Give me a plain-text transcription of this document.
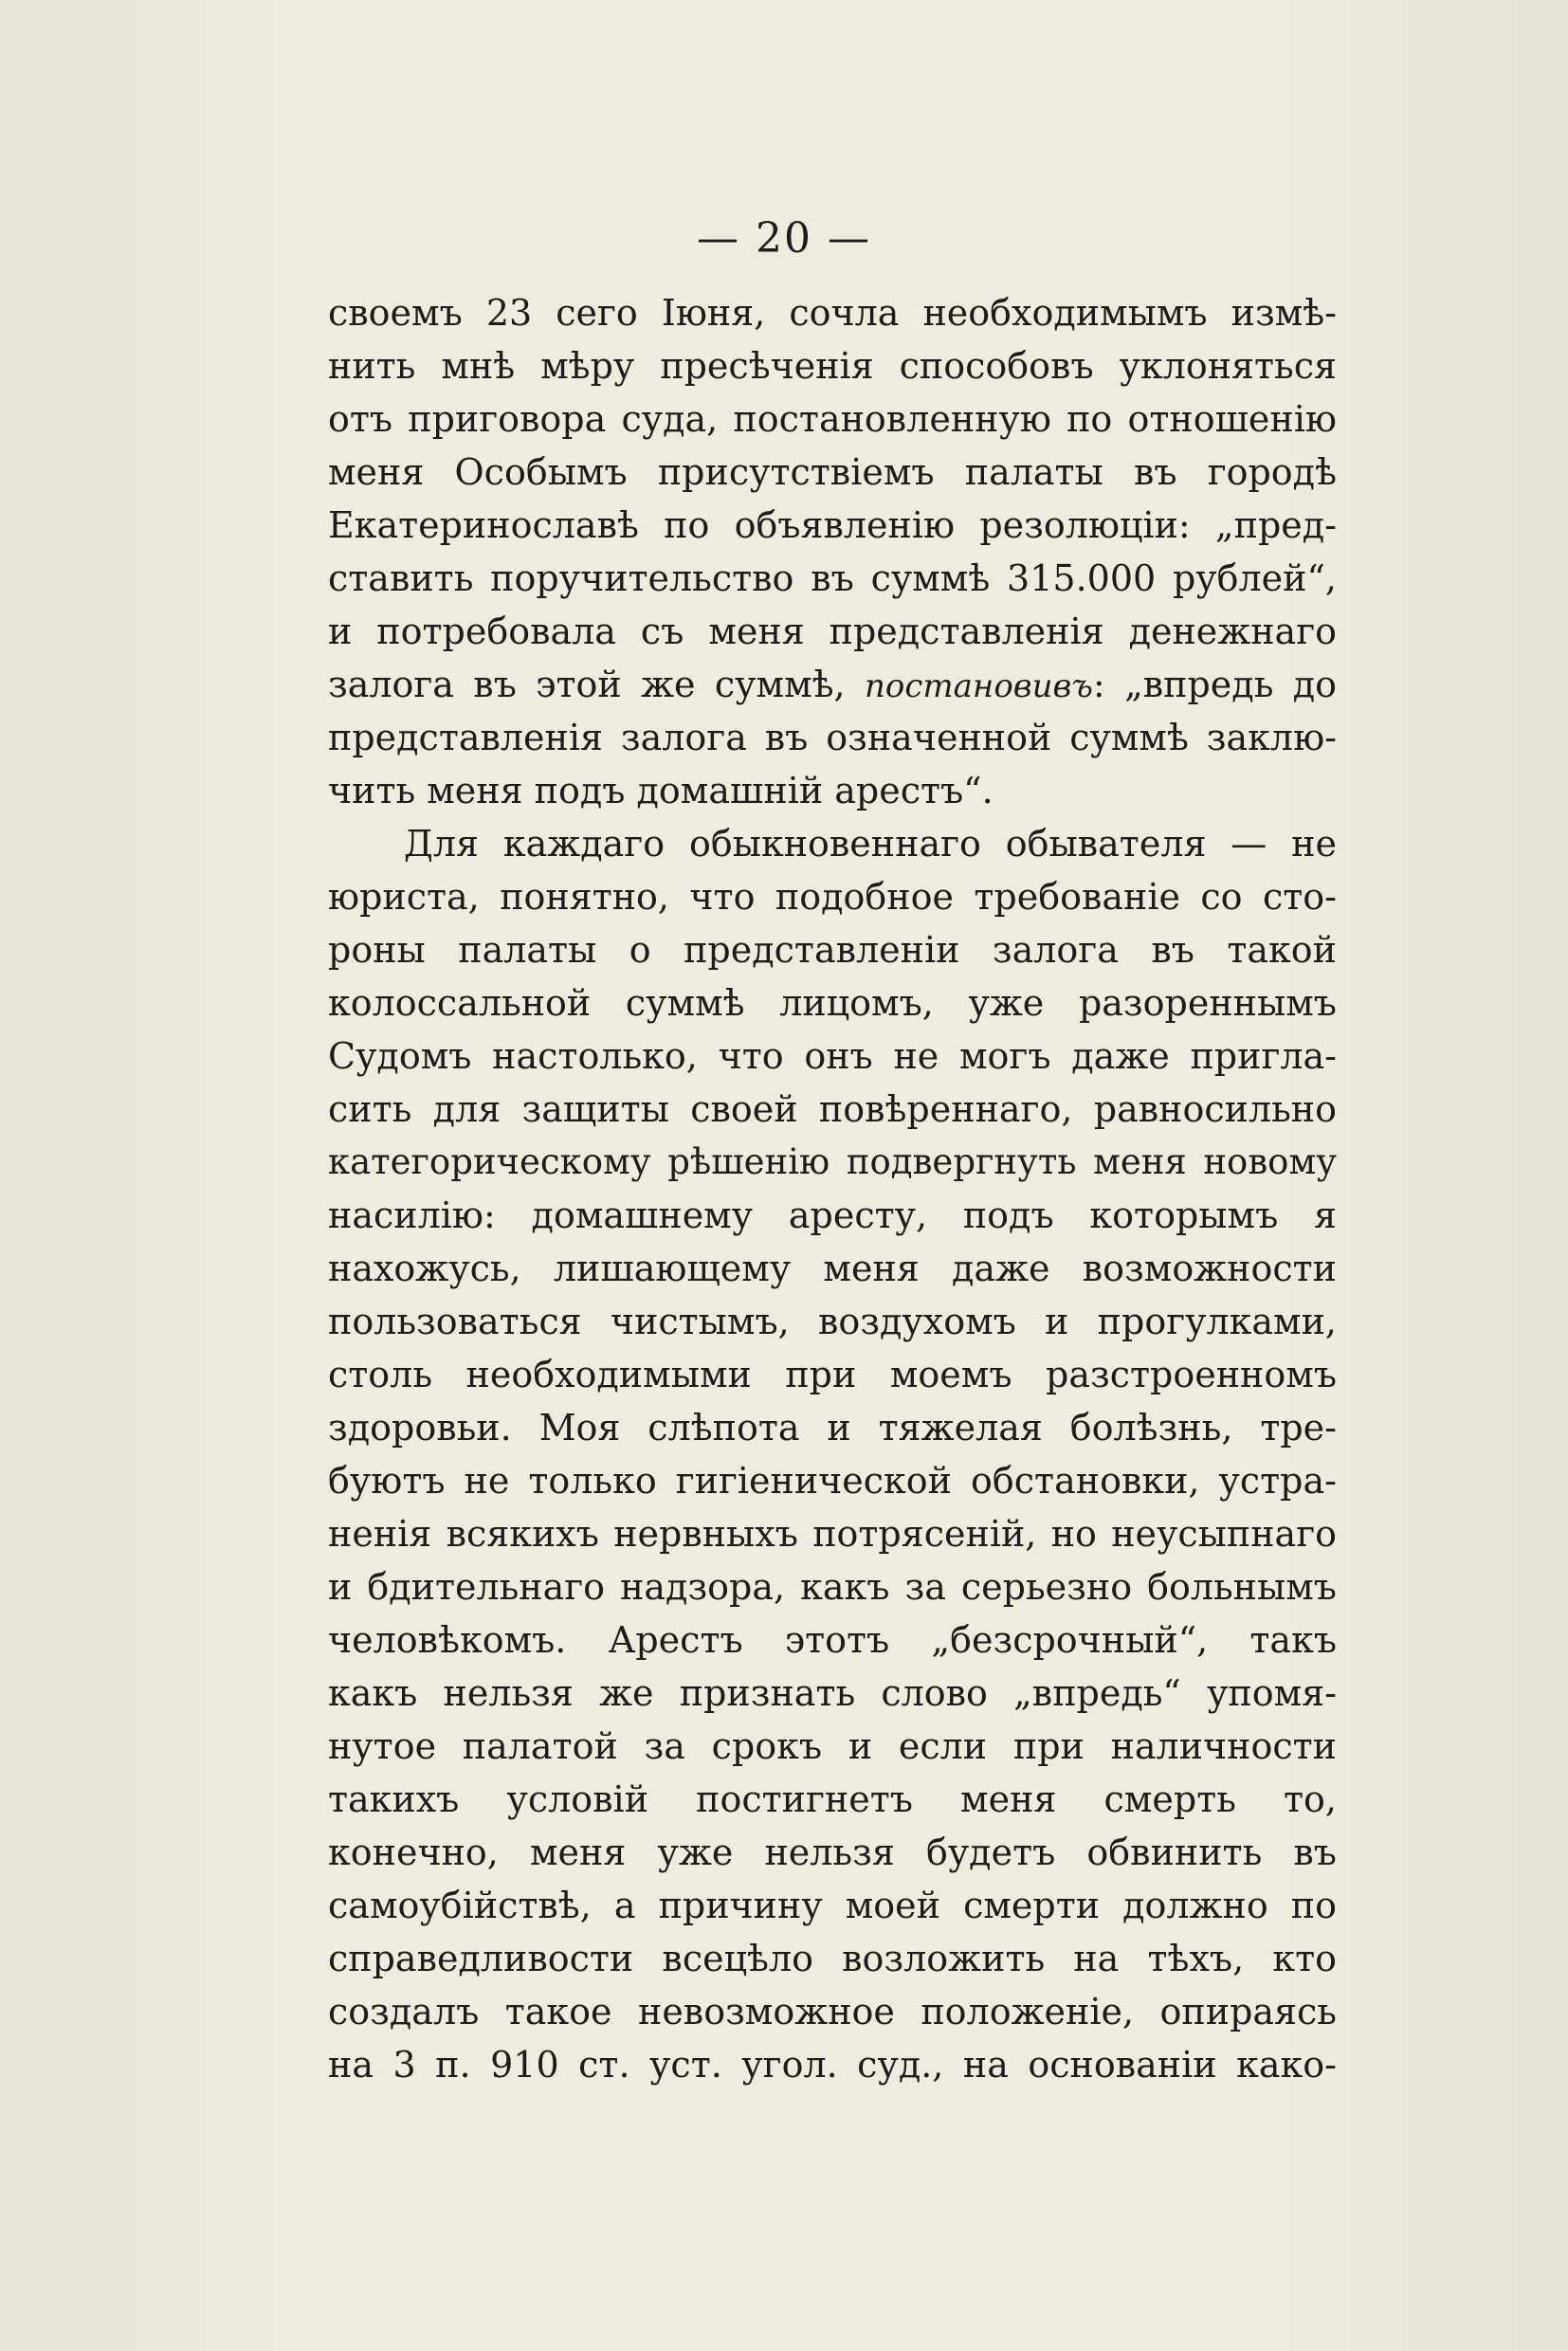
— 20 —
своемъ 23 сего Іюня, сочла необходимымъ измѣ-
нить мнѣ мѣру пресѣченія способовъ уклоняться
отъ приговора суда, постановленную по отношенію
меня Особымъ присутствіемъ палаты въ городѣ
Екатеринославѣ по объявленію резолюціи: „пред-
ставить поручительство въ суммѣ 315.000 рублей“,
и потребовала съ меня представленія денежнаго
залога въ этой же суммѣ, постановивъ: „впредь до
представленія залога въ означенной суммѣ заклю-
чить меня подъ домашній арестъ“.
Для каждаго обыкновеннаго обывателя — не
юриста, понятно, что подобное требованіе со сто-
роны палаты о представленіи залога въ такой
колоссальной суммѣ лицомъ, уже разореннымъ
Судомъ настолько, что онъ не могъ даже пригла-
сить для защиты своей повѣреннаго, равносильно
категорическому рѣшенію подвергнуть меня новому
насилію: домашнему аресту, подъ которымъ я
нахожусь, лишающему меня даже возможности
пользоваться чистымъ, воздухомъ и прогулками,
столь необходимыми при моемъ разстроенномъ
здоровьи. Моя слѣпота и тяжелая болѣзнь, тре-
буютъ не только гигіенической обстановки, устра-
ненія всякихъ нервныхъ потрясеній, но неусыпнаго
и бдительнаго надзора, какъ за серьезно больнымъ
человѣкомъ. Арестъ этотъ „безсрочный“, такъ
какъ нельзя же признать слово „впредь“ упомя-
нутое палатой за срокъ и если при наличности
такихъ условій постигнетъ меня смерть то,
конечно, меня уже нельзя будетъ обвинить въ
самоубійствѣ, а причину моей смерти должно по
справедливости всецѣло возложить на тѣхъ, кто
создалъ такое невозможное положеніе, опираясь
на 3 п. 910 ст. уст. угол. суд., на основаніи како-
